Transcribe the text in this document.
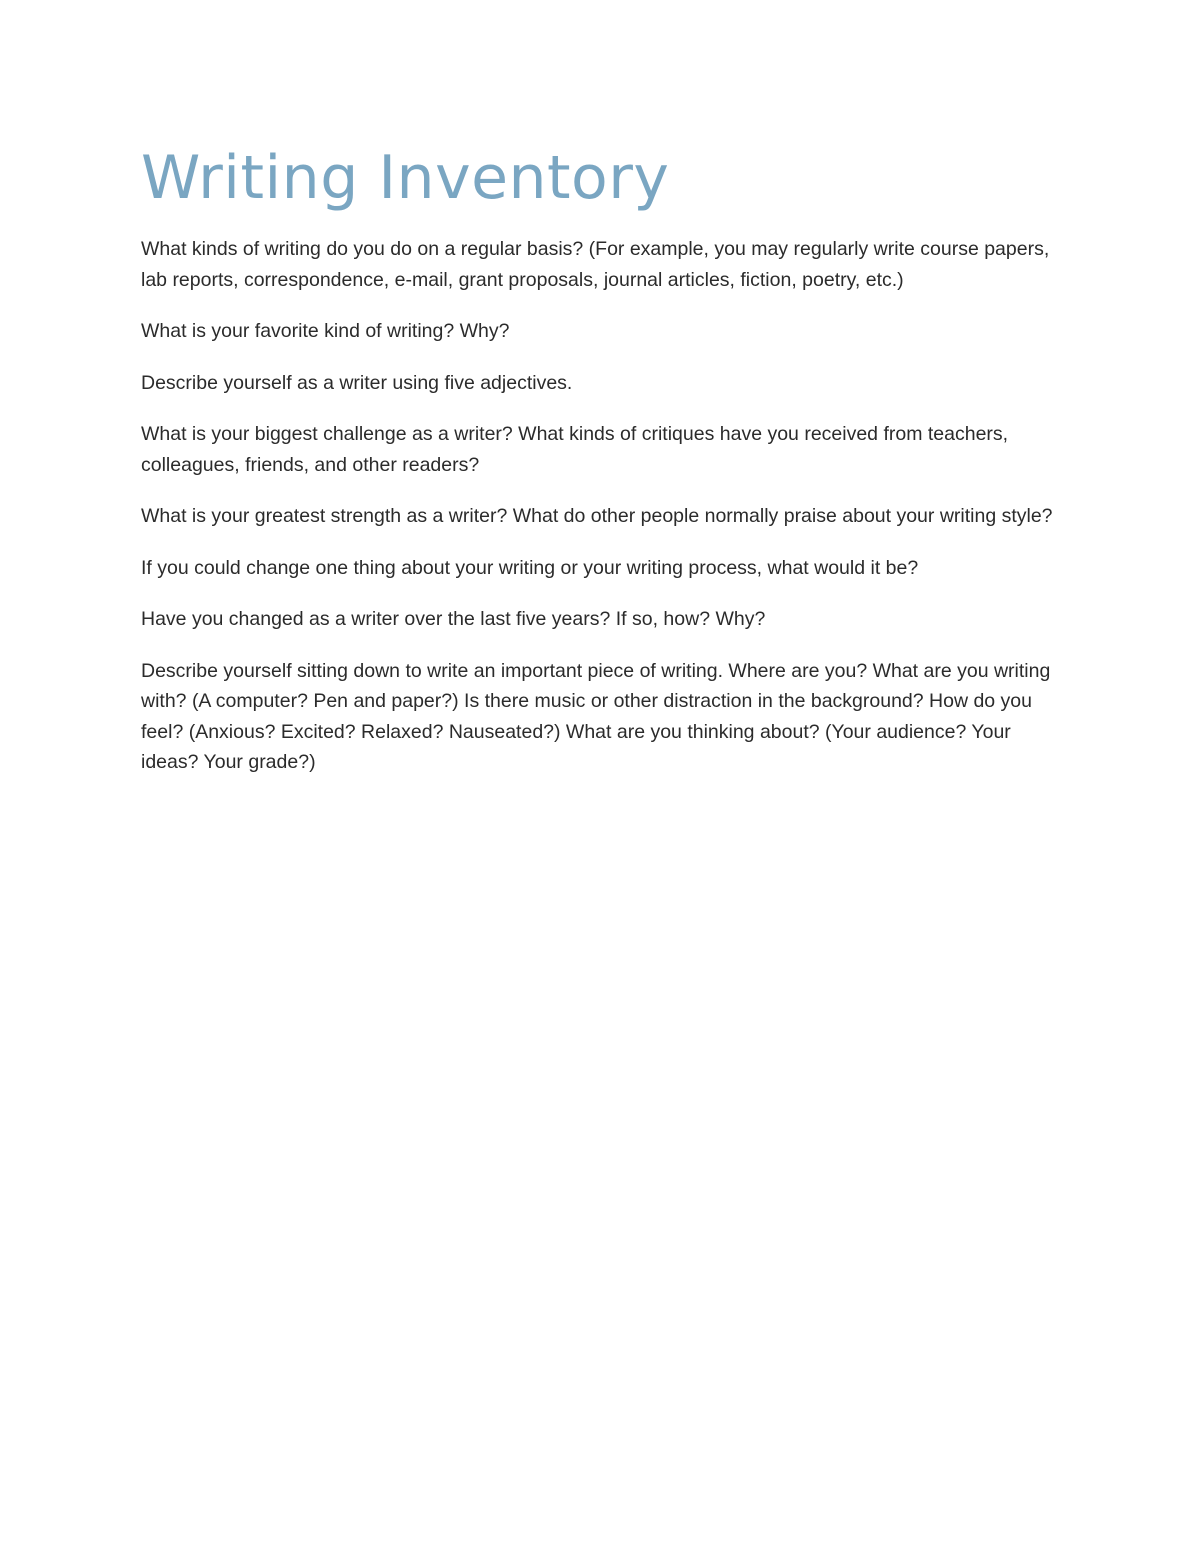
Writing Inventory

What kinds of writing do you do on a regular basis? (For example, you may regularly write course papers, lab reports, correspondence, e-mail, grant proposals, journal articles, fiction, poetry, etc.)

What is your favorite kind of writing? Why?

Describe yourself as a writer using five adjectives.

What is your biggest challenge as a writer? What kinds of critiques have you received from teachers, colleagues, friends, and other readers?

What is your greatest strength as a writer? What do other people normally praise about your writing style?

If you could change one thing about your writing or your writing process, what would it be?

Have you changed as a writer over the last five years? If so, how? Why?

Describe yourself sitting down to write an important piece of writing. Where are you? What are you writing with? (A computer? Pen and paper?) Is there music or other distraction in the background? How do you feel? (Anxious? Excited? Relaxed? Nauseated?) What are you thinking about? (Your audience? Your ideas? Your grade?)
